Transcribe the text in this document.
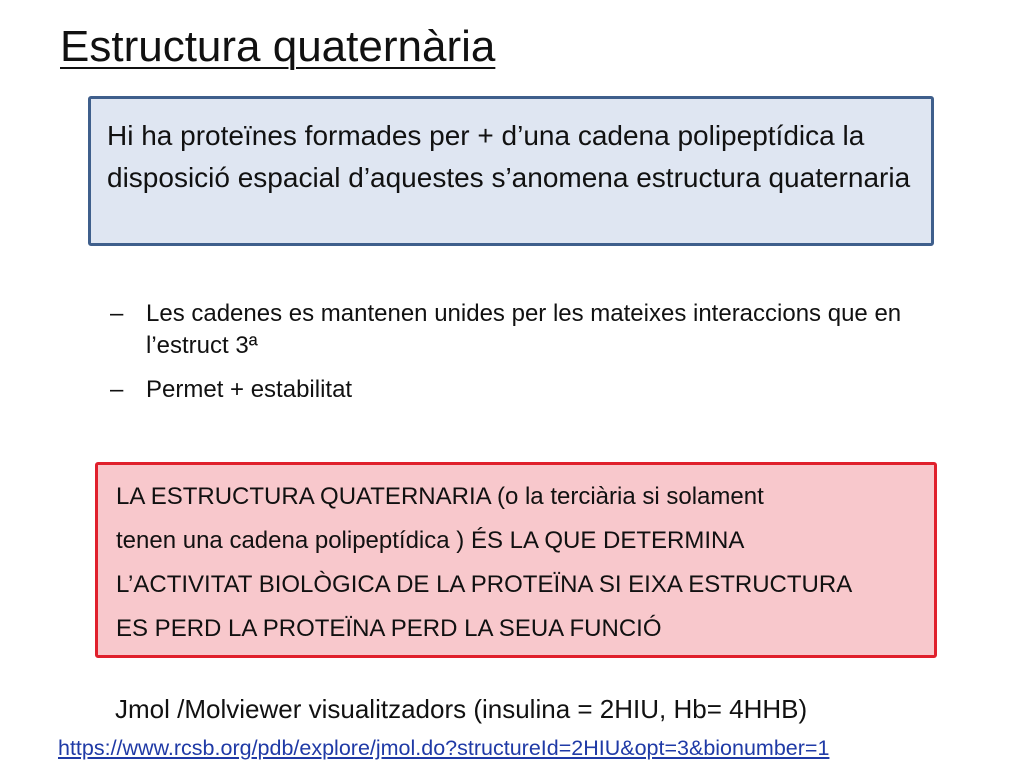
Estructura quaternària
Hi ha proteïnes formades per + d’una cadena polipeptídica la disposició espacial d’aquestes s’anomena estructura quaternaria
– Les cadenes es mantenen unides per les mateixes interaccions que en l’estruct 3ª
– Permet + estabilitat
LA ESTRUCTURA QUATERNARIA (o la terciària si solament
tenen una cadena polipeptídica ) ÉS LA QUE DETERMINA
L’ACTIVITAT BIOLÒGICA DE LA PROTEÏNA SI EIXA ESTRUCTURA
ES PERD LA PROTEÏNA PERD LA SEUA FUNCIÓ
Jmol /Molviewer visualitzadors (insulina = 2HIU, Hb= 4HHB)
https://www.rcsb.org/pdb/explore/jmol.do?structureId=2HIU&opt=3&bionumber=1
